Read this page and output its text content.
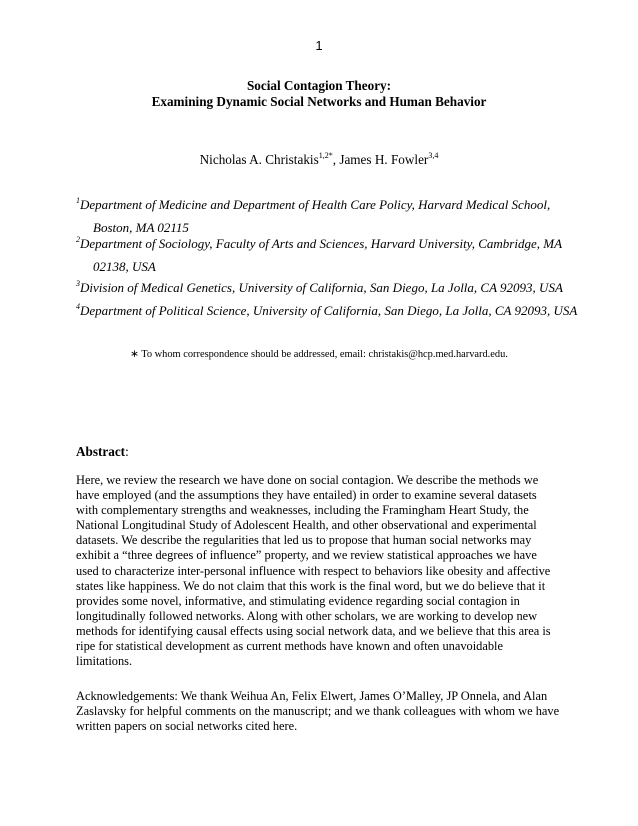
1
Social Contagion Theory:
Examining Dynamic Social Networks and Human Behavior
Nicholas A. Christakis$^{1,2*}$, James H. Fowler$^{3,4}$
$^1$Department of Medicine and Department of Health Care Policy, Harvard Medical School,
Boston, MA 02115
$^2$Department of Sociology, Faculty of Arts and Sciences, Harvard University, Cambridge, MA
02138, USA
$^3$Division of Medical Genetics, University of California, San Diego, La Jolla, CA 92093, USA
$^4$Department of Political Science, University of California, San Diego, La Jolla, CA 92093, USA
∗ To whom correspondence should be addressed, email: christakis@hcp.med.harvard.edu.
Abstract:
Here, we review the research we have done on social contagion. We describe the methods we
have employed (and the assumptions they have entailed) in order to examine several datasets
with complementary strengths and weaknesses, including the Framingham Heart Study, the
National Longitudinal Study of Adolescent Health, and other observational and experimental
datasets. We describe the regularities that led us to propose that human social networks may
exhibit a “three degrees of influence” property, and we review statistical approaches we have
used to characterize inter-personal influence with respect to behaviors like obesity and affective
states like happiness. We do not claim that this work is the final word, but we do believe that it
provides some novel, informative, and stimulating evidence regarding social contagion in
longitudinally followed networks. Along with other scholars, we are working to develop new
methods for identifying causal effects using social network data, and we believe that this area is
ripe for statistical development as current methods have known and often unavoidable
limitations.
Acknowledgements: We thank Weihua An, Felix Elwert, James O’Malley, JP Onnela, and Alan
Zaslavsky for helpful comments on the manuscript; and we thank colleagues with whom we have
written papers on social networks cited here.
